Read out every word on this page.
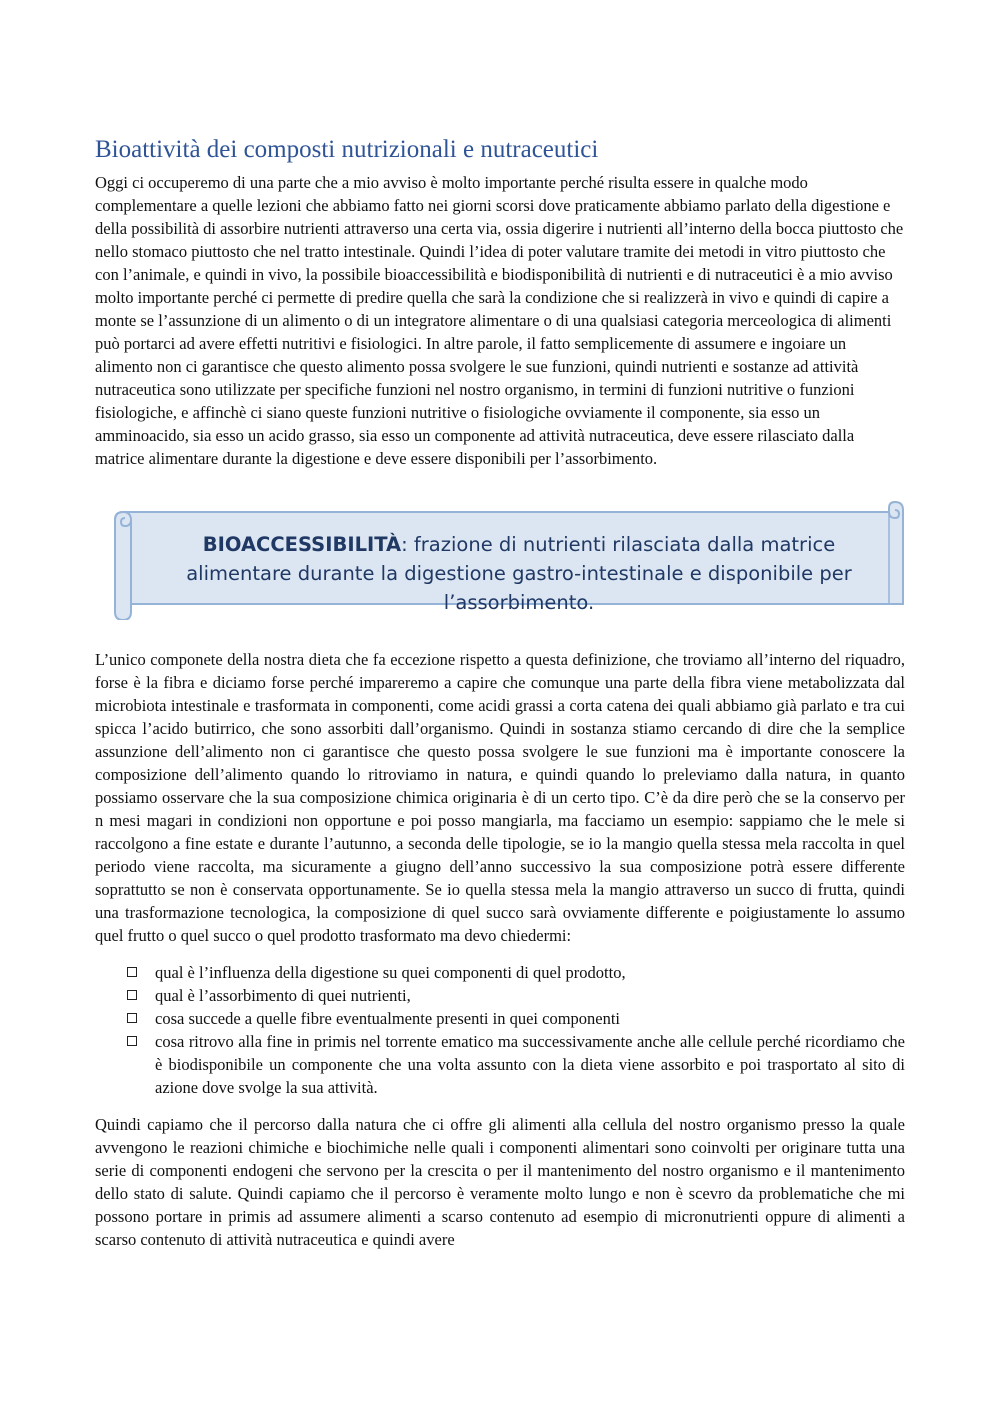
Bioattività dei composti nutrizionali e nutraceutici

Oggi ci occuperemo di una parte che a mio avviso è molto importante perché risulta essere in qualche modo complementare a quelle lezioni che abbiamo fatto nei giorni scorsi dove praticamente abbiamo parlato della digestione e della possibilità di assorbire nutrienti attraverso una certa via, ossia digerire i nutrienti all’interno della bocca piuttosto che nello stomaco piuttosto che nel tratto intestinale. Quindi l’idea di poter valutare tramite dei metodi in vitro piuttosto che con l’animale, e quindi in vivo, la possibile bioaccessibilità e biodisponibilità di nutrienti e di nutraceutici è a mio avviso molto importante perché ci permette di predire quella che sarà la condizione che si realizzerà in vivo e quindi di capire a monte se l’assunzione di un alimento o di un integratore alimentare o di una qualsiasi categoria merceologica di alimenti può portarci ad avere effetti nutritivi e fisiologici. In altre parole, il fatto semplicemente di assumere e ingoiare un alimento non ci garantisce che questo alimento possa svolgere le sue funzioni, quindi nutrienti e sostanze ad attività nutraceutica sono utilizzate per specifiche funzioni nel nostro organismo, in termini di funzioni nutritive o funzioni fisiologiche, e affinchè ci siano queste funzioni nutritive o fisiologiche ovviamente il componente, sia esso un amminoacido, sia esso un acido grasso, sia esso un componente ad attività nutraceutica, deve essere rilasciato dalla matrice alimentare durante la digestione e deve essere disponibili per l’assorbimento.

BIOACCESSIBILITÀ: frazione di nutrienti rilasciata dalla matrice alimentare durante la digestione gastro-intestinale e disponibile per l’assorbimento.

L’unico componete della nostra dieta che fa eccezione rispetto a questa definizione, che troviamo all’interno del riquadro, forse è la fibra e diciamo forse perché impareremo a capire che comunque una parte della fibra viene metabolizzata dal microbiota intestinale e trasformata in componenti, come acidi grassi a corta catena dei quali abbiamo già parlato e tra cui spicca l’acido butirrico, che sono assorbiti dall’organismo. Quindi in sostanza stiamo cercando di dire che la semplice assunzione dell’alimento non ci garantisce che questo possa svolgere le sue funzioni ma è importante conoscere la composizione dell’alimento quando lo ritroviamo in natura, e quindi quando lo preleviamo dalla natura, in quanto possiamo osservare che la sua composizione chimica originaria è di un certo tipo. C’è da dire però che se la conservo per n mesi magari in condizioni non opportune e poi posso mangiarla, ma facciamo un esempio: sappiamo che le mele si raccolgono a fine estate e durante l’autunno, a seconda delle tipologie, se io la mangio quella stessa mela raccolta in quel periodo viene raccolta, ma sicuramente a giugno dell’anno successivo la sua composizione potrà essere differente soprattutto se non è conservata opportunamente. Se io quella stessa mela la mangio attraverso un succo di frutta, quindi una trasformazione tecnologica, la composizione di quel succo sarà ovviamente differente e poigiustamente lo assumo quel frutto o quel succo o quel prodotto trasformato ma devo chiedermi:

qual è l’influenza della digestione su quei componenti di quel prodotto,
qual è l’assorbimento di quei nutrienti,
cosa succede a quelle fibre eventualmente presenti in quei componenti
cosa ritrovo alla fine in primis nel torrente ematico ma successivamente anche alle cellule perché ricordiamo che è biodisponibile un componente che una volta assunto con la dieta viene assorbito e poi trasportato al sito di azione dove svolge la sua attività.

Quindi capiamo che il percorso dalla natura che ci offre gli alimenti alla cellula del nostro organismo presso la quale avvengono le reazioni chimiche e biochimiche nelle quali i componenti alimentari sono coinvolti per originare tutta una serie di componenti endogeni che servono per la crescita o per il mantenimento del nostro organismo e il mantenimento dello stato di salute. Quindi capiamo che il percorso è veramente molto lungo e non è scevro da problematiche che mi possono portare in primis ad assumere alimenti a scarso contenuto ad esempio di micronutrienti oppure di alimenti a scarso contenuto di attività nutraceutica e quindi avere
